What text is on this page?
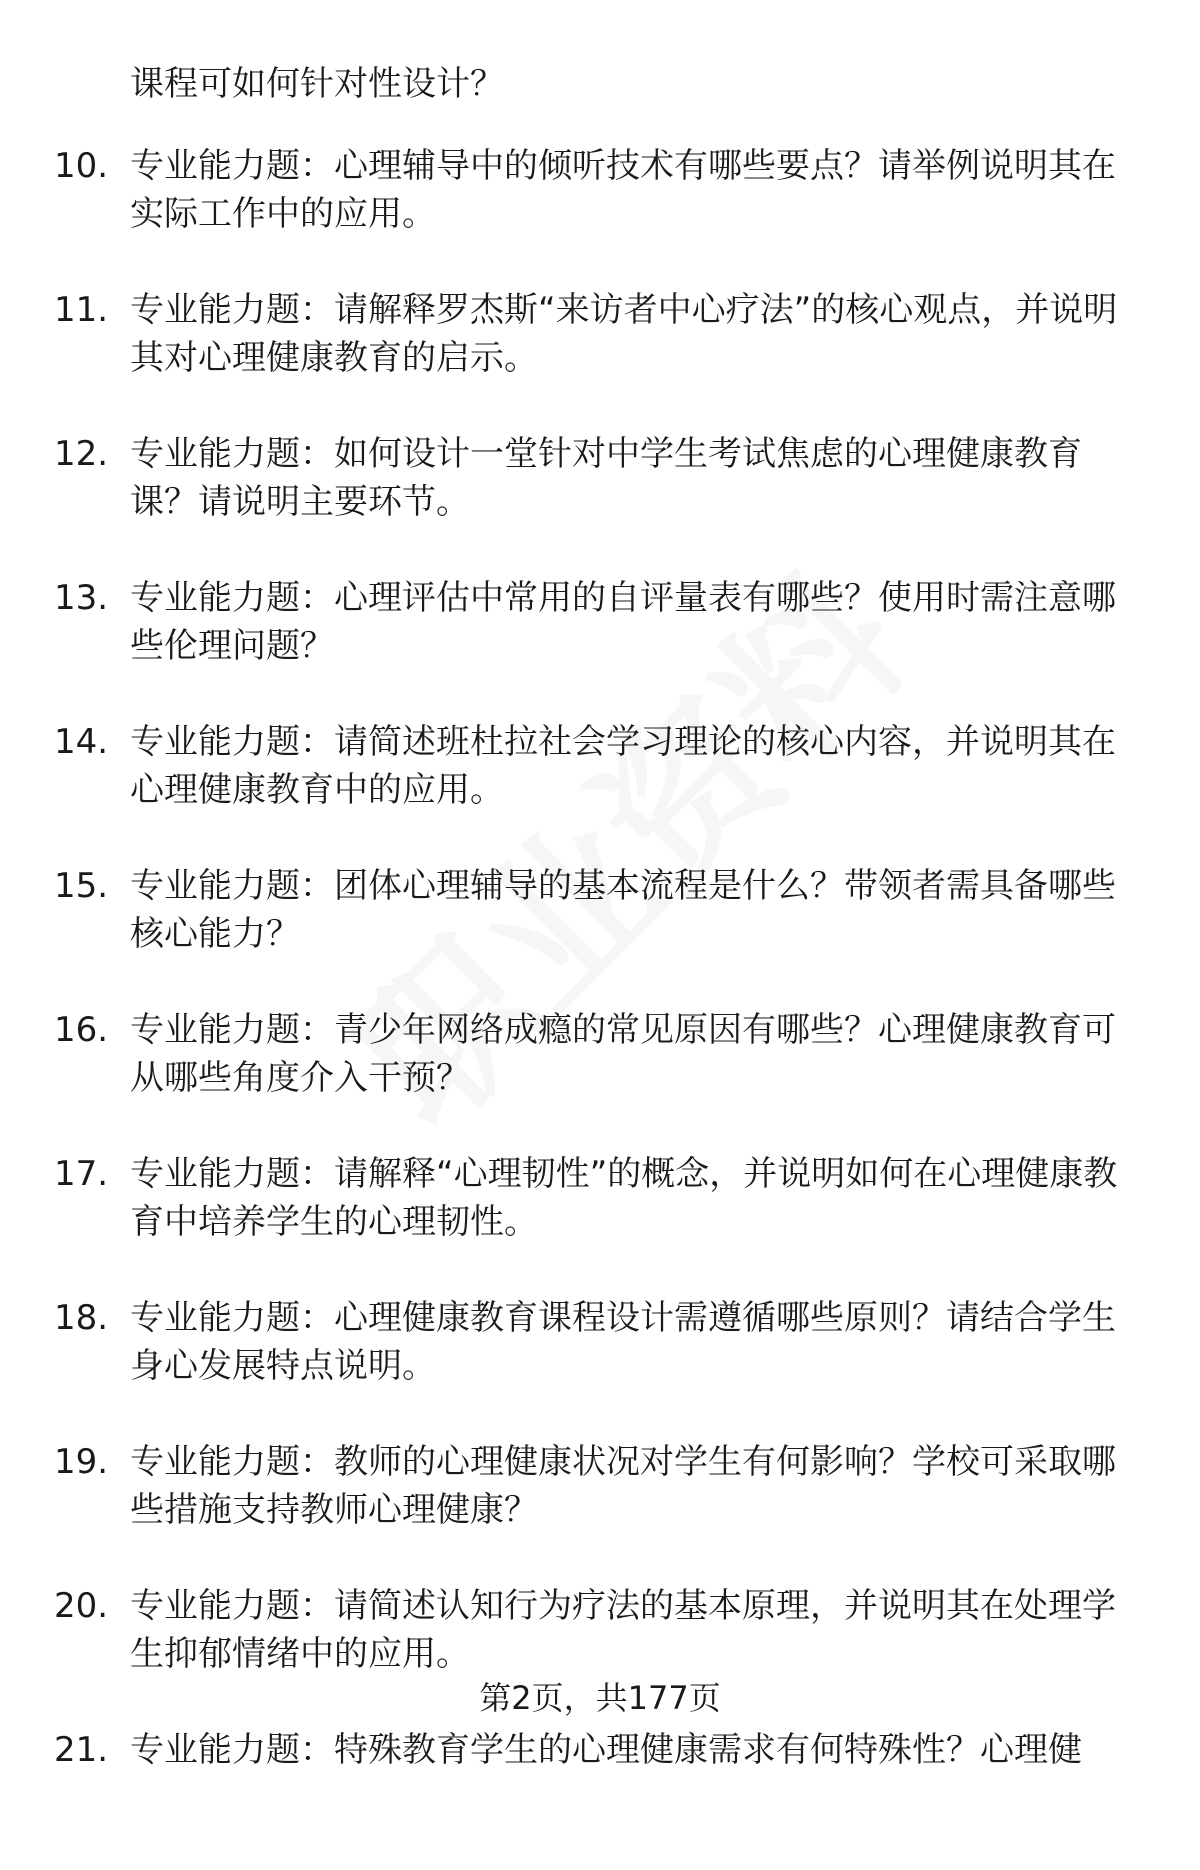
课程可如何针对性设计？

10. 专业能力题：心理辅导中的倾听技术有哪些要点？请举例说明其在实际工作中的应用。
11. 专业能力题：请解释罗杰斯“来访者中心疗法”的核心观点，并说明其对心理健康教育的启示。
12. 专业能力题：如何设计一堂针对中学生考试焦虑的心理健康教育课？请说明主要环节。
13. 专业能力题：心理评估中常用的自评量表有哪些？使用时需注意哪些伦理问题？
14. 专业能力题：请简述班杜拉社会学习理论的核心内容，并说明其在心理健康教育中的应用。
15. 专业能力题：团体心理辅导的基本流程是什么？带领者需具备哪些核心能力？
16. 专业能力题：青少年网络成瘾的常见原因有哪些？心理健康教育可从哪些角度介入干预？
17. 专业能力题：请解释“心理韧性”的概念，并说明如何在心理健康教育中培养学生的心理韧性。
18. 专业能力题：心理健康教育课程设计需遵循哪些原则？请结合学生身心发展特点说明。
19. 专业能力题：教师的心理健康状况对学生有何影响？学校可采取哪些措施支持教师心理健康？
20. 专业能力题：请简述认知行为疗法的基本原理，并说明其在处理学生抑郁情绪中的应用。
21. 专业能力题：特殊教育学生的心理健康需求有何特殊性？心理健
第2页，共177页
